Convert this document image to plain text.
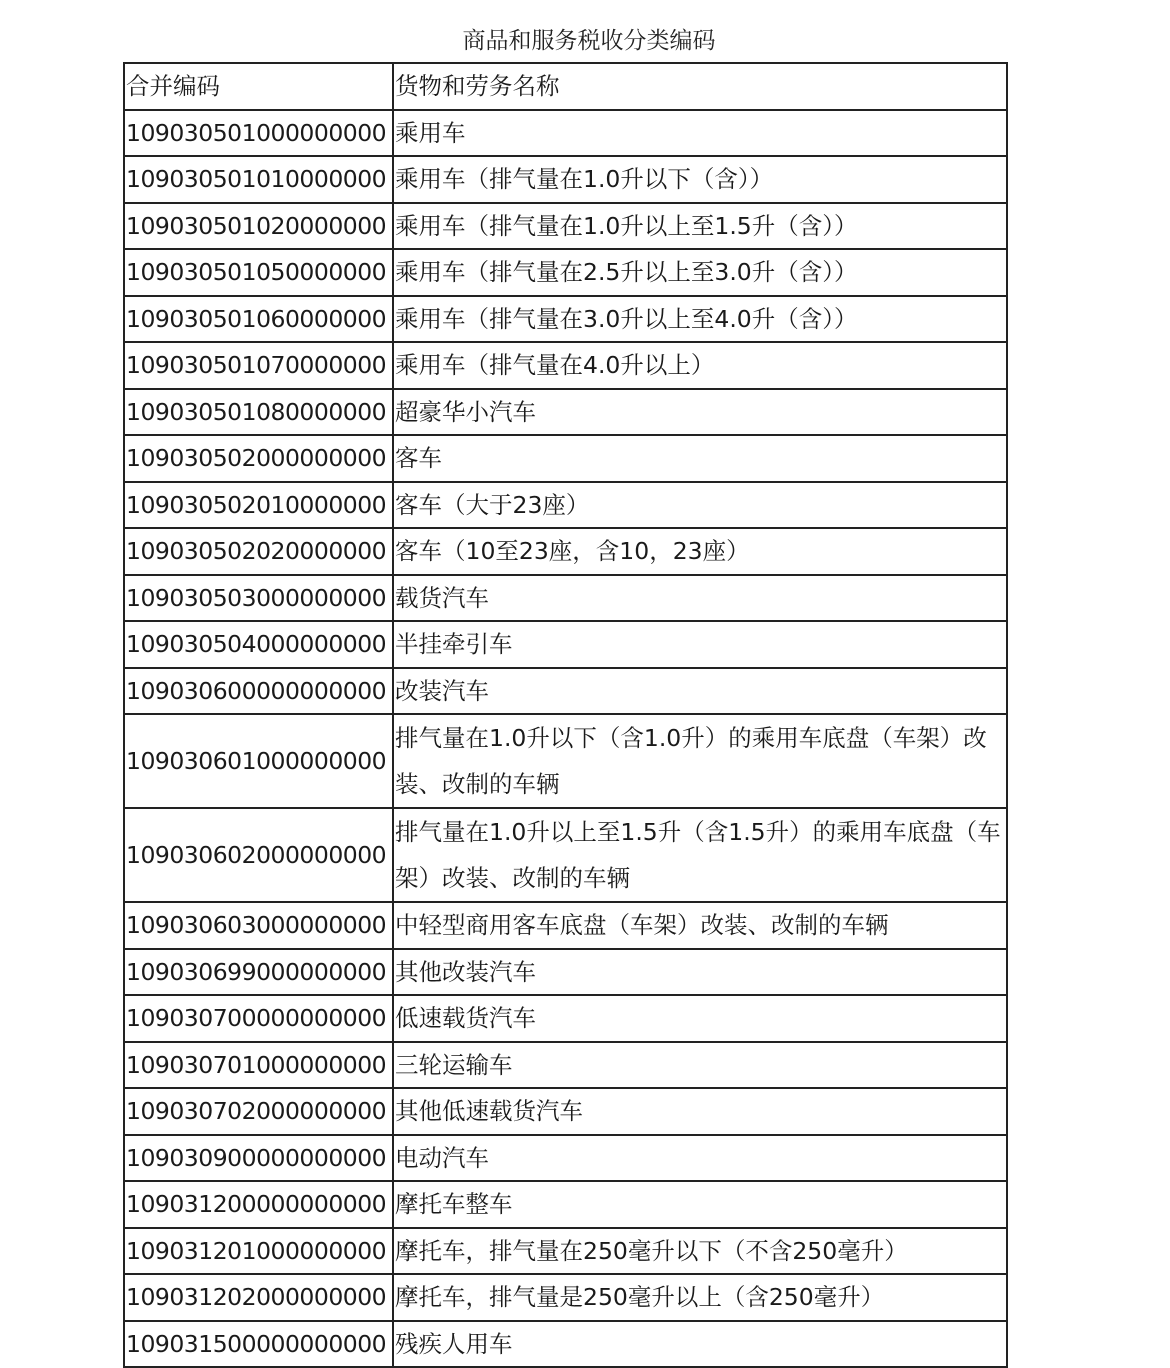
商品和服务税收分类编码
合并编码	货物和劳务名称
109030501000000000	乘用车
109030501010000000	乘用车（排气量在1.0升以下（含））
109030501020000000	乘用车（排气量在1.0升以上至1.5升（含））
109030501050000000	乘用车（排气量在2.5升以上至3.0升（含））
109030501060000000	乘用车（排气量在3.0升以上至4.0升（含））
109030501070000000	乘用车（排气量在4.0升以上）
109030501080000000	超豪华小汽车
109030502000000000	客车
109030502010000000	客车（大于23座）
109030502020000000	客车（10至23座，含10，23座）
109030503000000000	载货汽车
109030504000000000	半挂牵引车
109030600000000000	改装汽车
109030601000000000	排气量在1.0升以下（含1.0升）的乘用车底盘（车架）改装、改制的车辆
109030602000000000	排气量在1.0升以上至1.5升（含1.5升）的乘用车底盘（车架）改装、改制的车辆
109030603000000000	中轻型商用客车底盘（车架）改装、改制的车辆
109030699000000000	其他改装汽车
109030700000000000	低速载货汽车
109030701000000000	三轮运输车
109030702000000000	其他低速载货汽车
109030900000000000	电动汽车
109031200000000000	摩托车整车
109031201000000000	摩托车，排气量在250毫升以下（不含250毫升）
109031202000000000	摩托车，排气量是250毫升以上（含250毫升）
109031500000000000	残疾人用车
